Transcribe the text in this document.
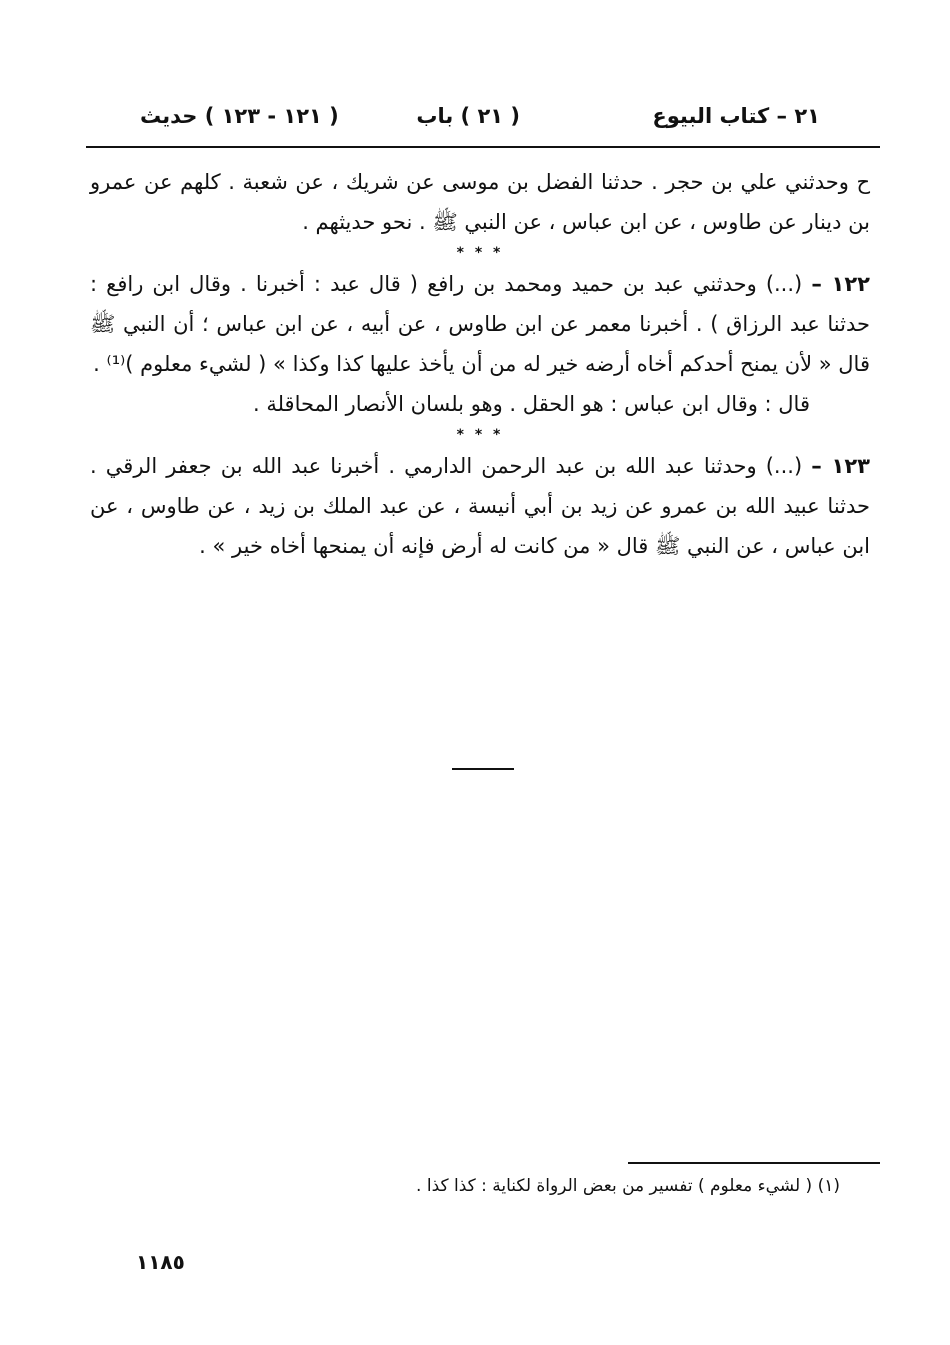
٢١ – كتاب البيوع
( ٢١ ) باب
( ١٢١ - ١٢٣ ) حديث

ح وحدثني علي بن حجر . حدثنا الفضل بن موسى عن شريك ، عن شعبة . كلهم عن عمرو بن دينار عن طاوس ، عن ابن عباس ، عن النبي ﷺ . نحو حديثهم .

* * *

١٢٢ – (...) وحدثني عبد بن حميد ومحمد بن رافع ( قال عبد : أخبرنا . وقال ابن رافع : حدثنا عبد الرزاق ) . أخبرنا معمر عن ابن طاوس ، عن أبيه ، عن ابن عباس ؛ أن النبي ﷺ قال « لأن يمنح أحدكم أخاه أرضه خير له من أن يأخذ عليها كذا وكذا » ( لشيء معلوم )⁽¹⁾ .

قال : وقال ابن عباس : هو الحقل . وهو بلسان الأنصار المحاقلة .

* * *

١٢٣ – (...) وحدثنا عبد الله بن عبد الرحمن الدارمي . أخبرنا عبد الله بن جعفر الرقي . حدثنا عبيد الله بن عمرو عن زيد بن أبي أنيسة ، عن عبد الملك بن زيد ، عن طاوس ، عن ابن عباس ، عن النبي ﷺ قال « من كانت له أرض فإنه أن يمنحها أخاه خير » .

(١) ( لشيء معلوم ) تفسير من بعض الرواة لكناية : كذا كذا .
١١٨٥
